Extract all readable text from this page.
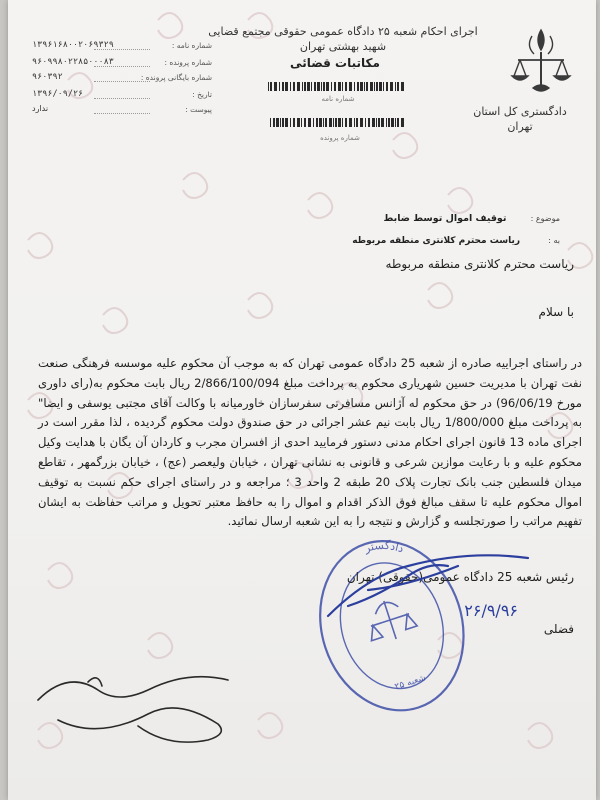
اجرای احکام شعبه ۲۵ دادگاه عمومی حقوقی مجتمع قضایی شهید بهشتی تهران
مکاتبات قضائی
دادگستری کل استان تهران
شماره نامه
شماره پرونده
۱۳۹۶۱۶۸۰۰۲۰۶۹۳۲۹	شماره نامه :
۹۶۰۹۹۸۰۲۲۸۵۰۰۰۸۳	شماره پرونده :
۹۶۰۳۹۲	شماره بایگانی پرونده :
۱۳۹۶/۰۹/۲۶	تاریخ :
ندارد	پیوست :
موضوع :  توقیف اموال توسط ضابط
به :  ریاست محترم کلانتری منطقه مربوطه
ریاست محترم کلانتری منطقه مربوطه
با سلام
در راستای اجراییه صادره از شعبه 25 دادگاه عمومی تهران که به موجب آن محکوم علیه موسسه فرهنگی صنعت نفت تهران با مدیریت حسین شهریاری محکوم به پرداخت مبلغ 2/866/100/094 ریال بابت محکوم به(رای داوری مورخ 96/06/19) در حق محکوم له آژانس مسافرتی سفرسازان خاورمیانه با وکالت آقای مجتبی یوسفی و ایضا" به پرداخت مبلغ 1/800/000 ریال بابت نیم عشر اجرائی در حق صندوق دولت محکوم گردیده ، لذا مقرر است در اجرای ماده 13 قانون اجرای احکام مدنی دستور فرمایید احدی از افسران مجرب و کاردان آن یگان با هدایت وکیل محکوم علیه و با رعایت موازین شرعی و قانونی به نشانی تهران ، خیابان ولیعصر (عج) ، خیابان بزرگمهر ، تقاطع میدان فلسطین جنب بانک تجارت پلاک 20 طبقه 2 واحد 3 ؛ مراجعه و در راستای اجرای حکم نسبت به توقیف اموال محکوم علیه تا سقف مبالغ فوق الذکر اقدام و اموال را به حافظ معتبر تحویل و مراتب حفاظت به ایشان تفهیم مراتب را صورتجلسه و گزارش و نتیجه را به این شعبه ارسال نمائید.
دادگستری
شعبه ۲۵
رئیس شعبه 25 دادگاه عمومی(حقوقی) تهران
فضلی
۲۶/۹/۹۶
